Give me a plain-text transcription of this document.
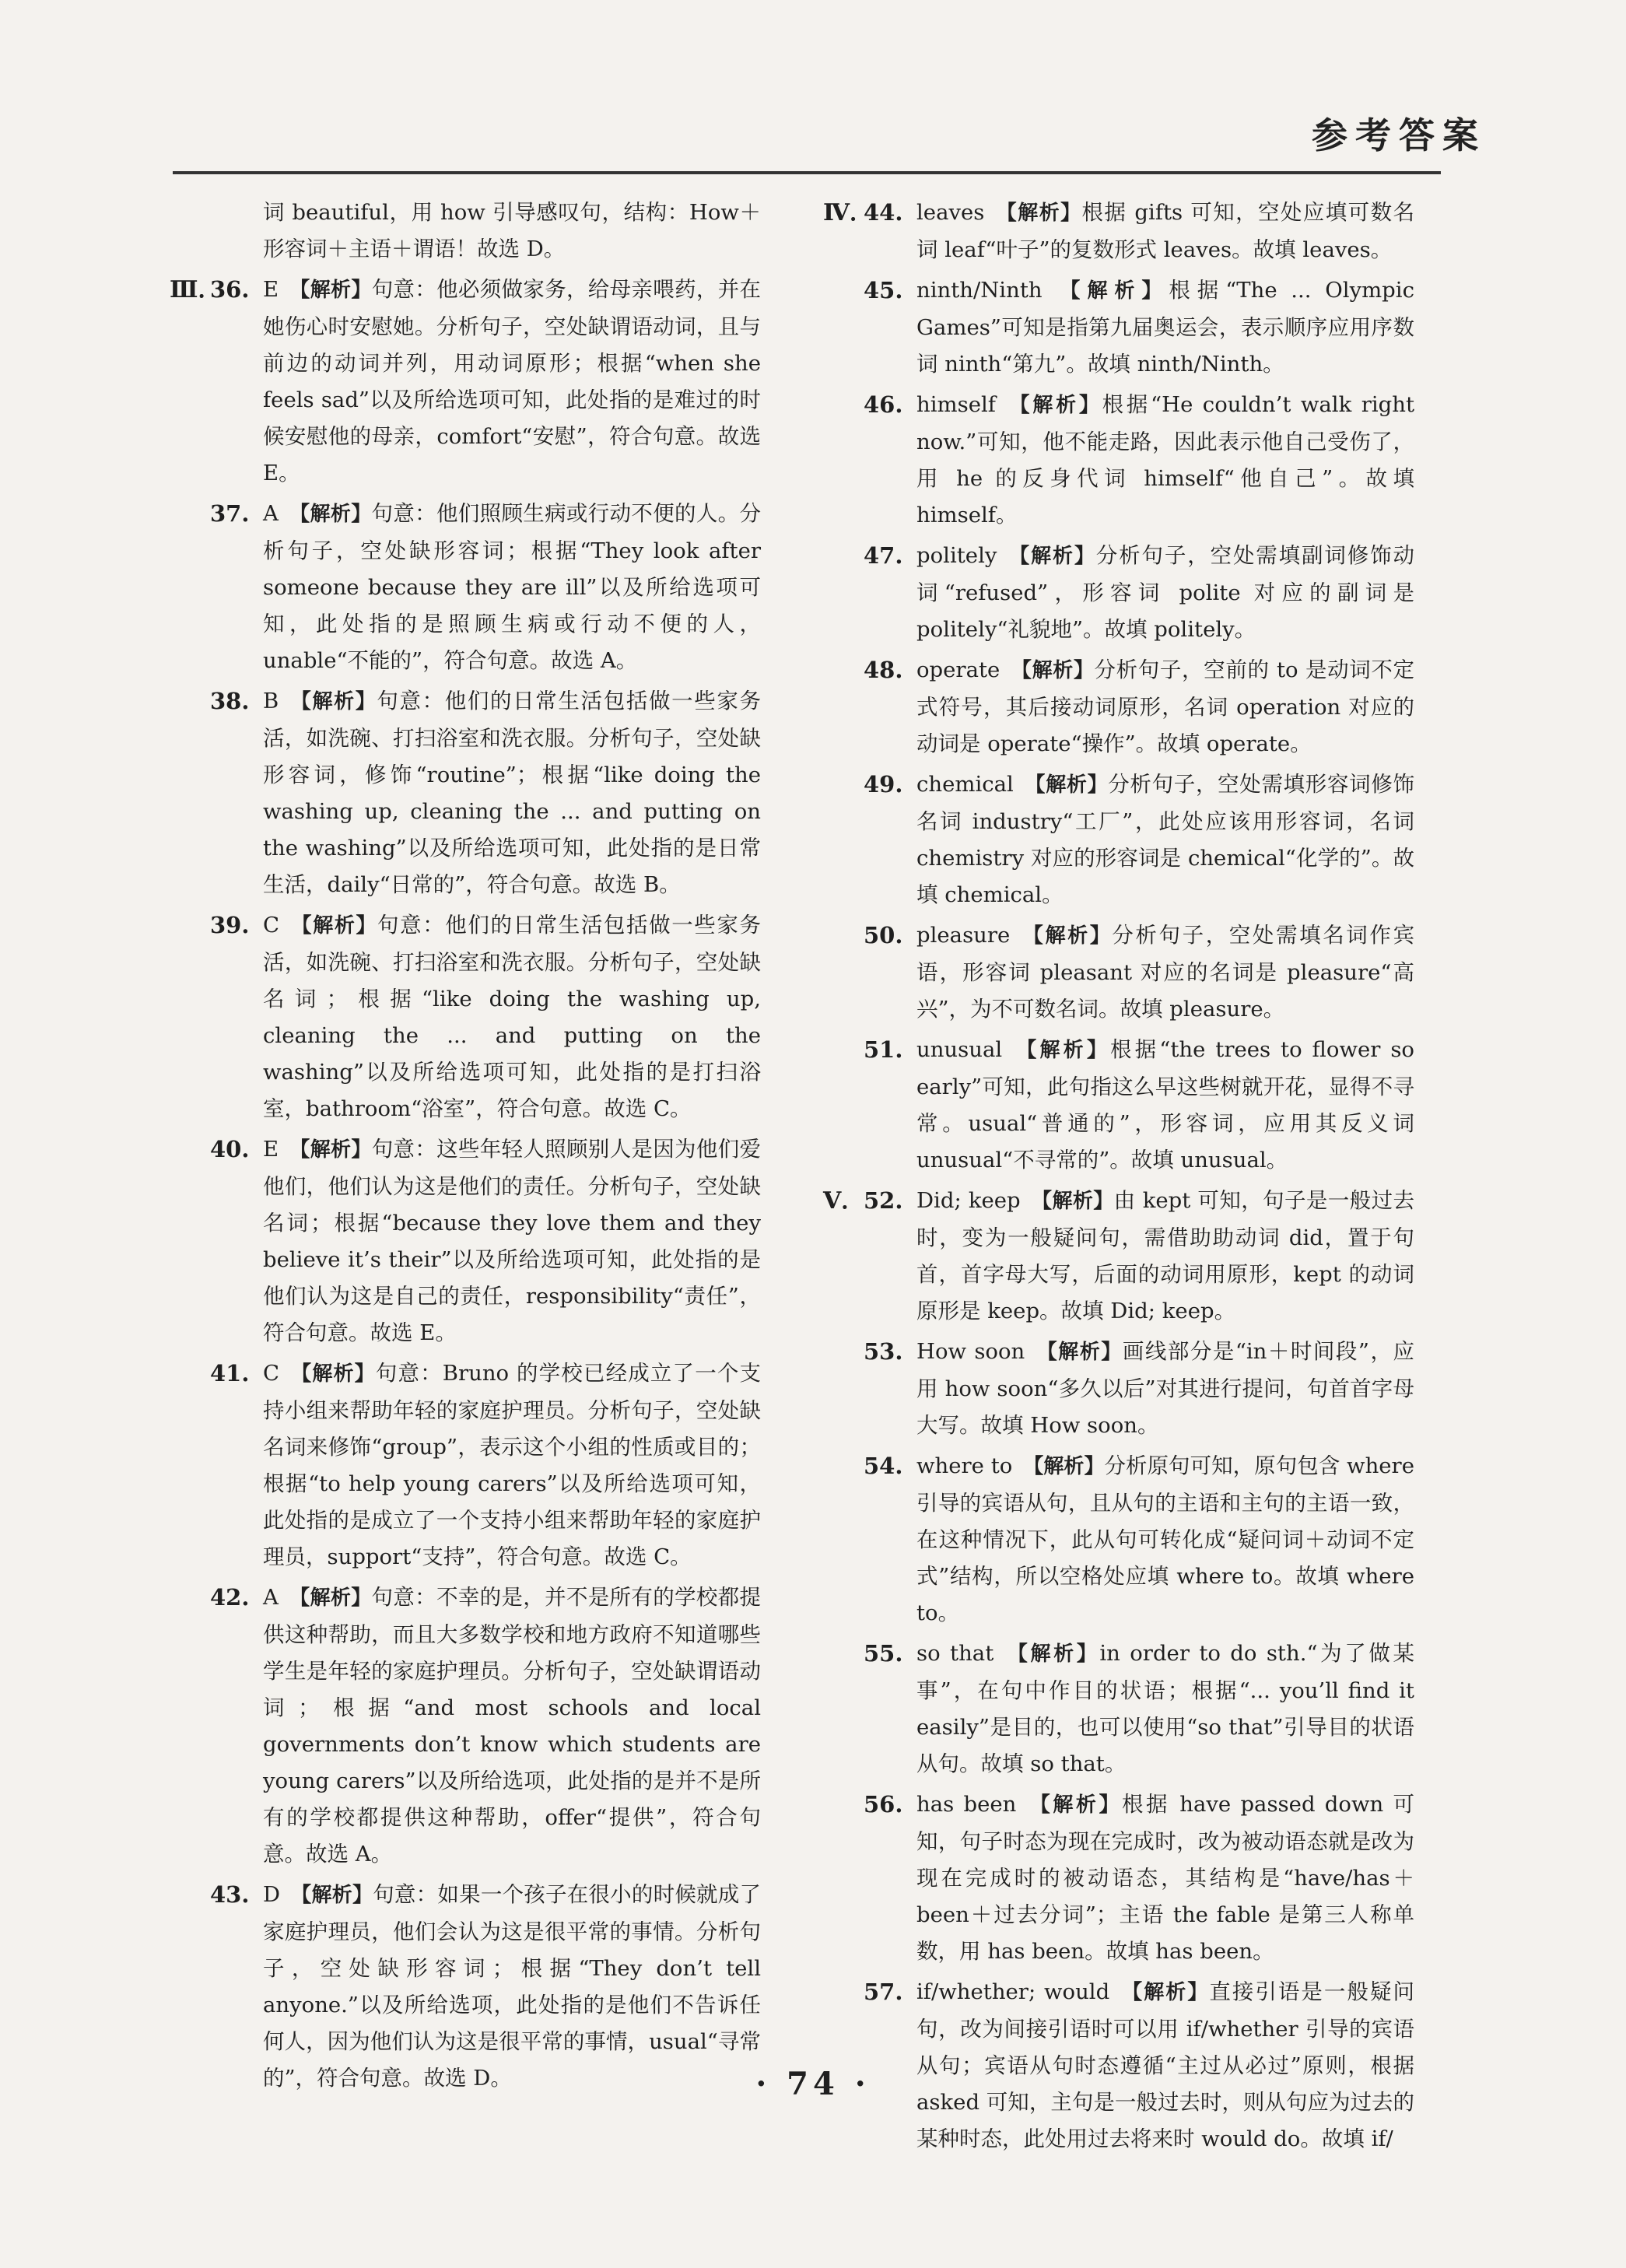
参考答案
词 beautiful，用 how 引导感叹句，结构：How＋形容词＋主语＋谓语！故选 D。
Ⅲ．
36. E 【 解析 】 句意：他必须做家务，给母亲喂药，并在她伤心时安慰她。分析句子，空处缺谓语动词，且与前边的动词并列，用动词原形；根据“when she feels sad”以及所给选项可知，此处指的是难过的时候安慰他的母亲，comfort“安慰”，符合句意。故选 E。
37. A 【 解析 】 句意：他们照顾生病或行动不便的人。分析句子，空处缺形容词；根据“They look after someone because they are ill”以及所给选项可知，此处指的是照顾生病或行动不便的人，unable“不能的”，符合句意。故选 A。
38. B 【 解析 】 句意：他们的日常生活包括做一些家务活，如洗碗、打扫浴室和洗衣服。分析句子，空处缺形容词，修饰“routine”；根据“like doing the washing up, cleaning the ... and putting on the washing”以及所给选项可知，此处指的是日常生活，daily“日常的”，符合句意。故选 B。
39. C 【 解析 】 句意：他们的日常生活包括做一些家务活，如洗碗、打扫浴室和洗衣服。分析句子，空处缺名词；根据“like doing the washing up, cleaning the ... and putting on the washing”以及所给选项可知，此处指的是打扫浴室，bathroom“浴室”，符合句意。故选 C。
40. E 【 解析 】 句意：这些年轻人照顾别人是因为他们爱他们，他们认为这是他们的责任。分析句子，空处缺名词；根据“because they love them and they believe it’s their”以及所给选项可知，此处指的是他们认为这是自己的责任，responsibility“责任”，符合句意。故选 E。
41. C 【 解析 】 句意：Bruno 的学校已经成立了一个支持小组来帮助年轻的家庭护理员。分析句子，空处缺名词来修饰“group”，表示这个小组的性质或目的；根据“to help young carers”以及所给选项可知，此处指的是成立了一个支持小组来帮助年轻的家庭护理员，support“支持”，符合句意。故选 C。
42. A 【 解析 】 句意：不幸的是，并不是所有的学校都提供这种帮助，而且大多数学校和地方政府不知道哪些学生是年轻的家庭护理员。分析句子，空处缺谓语动词；根据“and most schools and local governments don’t know which students are young carers”以及所给选项，此处指的是并不是所有的学校都提供这种帮助，offer“提供”，符合句意。故选 A。
43. D 【 解析 】 句意：如果一个孩子在很小的时候就成了家庭护理员，他们会认为这是很平常的事情。分析句子，空处缺形容词；根据“They don’t tell anyone.”以及所给选项，此处指的是他们不告诉任何人，因为他们认为这是很平常的事情，usual“寻常的”，符合句意。故选 D。
Ⅳ．
44. leaves 【 解析 】 根据 gifts 可知，空处应填可数名词 leaf“叶子”的复数形式 leaves。故填 leaves。
45. ninth/Ninth 【 解析 】 根据“The ... Olympic Games”可知是指第九届奥运会，表示顺序应用序数词 ninth“第九”。故填 ninth/Ninth。
46. himself 【 解析 】 根据“He couldn’t walk right now.”可知，他不能走路，因此表示他自己受伤了，用 he 的反身代词 himself“他自己”。故填 himself。
47. politely 【 解析 】 分析句子，空处需填副词修饰动词“refused”，形容词 polite 对应的副词是 politely“礼貌地”。故填 politely。
48. operate 【 解析 】 分析句子，空前的 to 是动词不定式符号，其后接动词原形，名词 operation 对应的动词是 operate“操作”。故填 operate。
49. chemical 【 解析 】 分析句子，空处需填形容词修饰名词 industry“工厂”，此处应该用形容词，名词 chemistry 对应的形容词是 chemical“化学的”。故填 chemical。
50. pleasure 【 解析 】 分析句子，空处需填名词作宾语，形容词 pleasant 对应的名词是 pleasure“高兴”，为不可数名词。故填 pleasure。
51. unusual 【 解析 】 根据“the trees to flower so early”可知，此句指这么早这些树就开花，显得不寻常。usual“普通的”，形容词，应用其反义词 unusual“不寻常的”。故填 unusual。
Ⅴ．
52. Did; keep 【 解析 】 由 kept 可知，句子是一般过去时，变为一般疑问句，需借助助动词 did，置于句首，首字母大写，后面的动词用原形，kept 的动词原形是 keep。故填 Did; keep。
53. How soon 【 解析 】 画线部分是“in＋时间段”，应用 how soon“多久以后”对其进行提问，句首首字母大写。故填 How soon。
54. where to 【 解析 】 分析原句可知，原句包含 where 引导的宾语从句，且从句的主语和主句的主语一致，在这种情况下，此从句可转化成“疑问词＋动词不定式”结构，所以空格处应填 where to。故填 where to。
55. so that 【 解析 】 in order to do sth.“为了做某事”，在句中作目的状语；根据“... you’ll find it easily”是目的，也可以使用“so that”引导目的状语从句。故填 so that。
56. has been 【 解析 】 根据 have passed down 可知，句子时态为现在完成时，改为被动语态就是改为现在完成时的被动语态，其结构是“have/has＋been＋过去分词”；主语 the fable 是第三人称单数，用 has been。故填 has been。
57. if/whether; would 【 解析 】 直接引语是一般疑问句，改为间接引语时可以用 if/whether 引导的宾语从句；宾语从句时态遵循“主过从必过”原则，根据 asked 可知，主句是一般过去时，则从句应为过去的某种时态，此处用过去将来时 would do。故填 if/
· 74 ·
